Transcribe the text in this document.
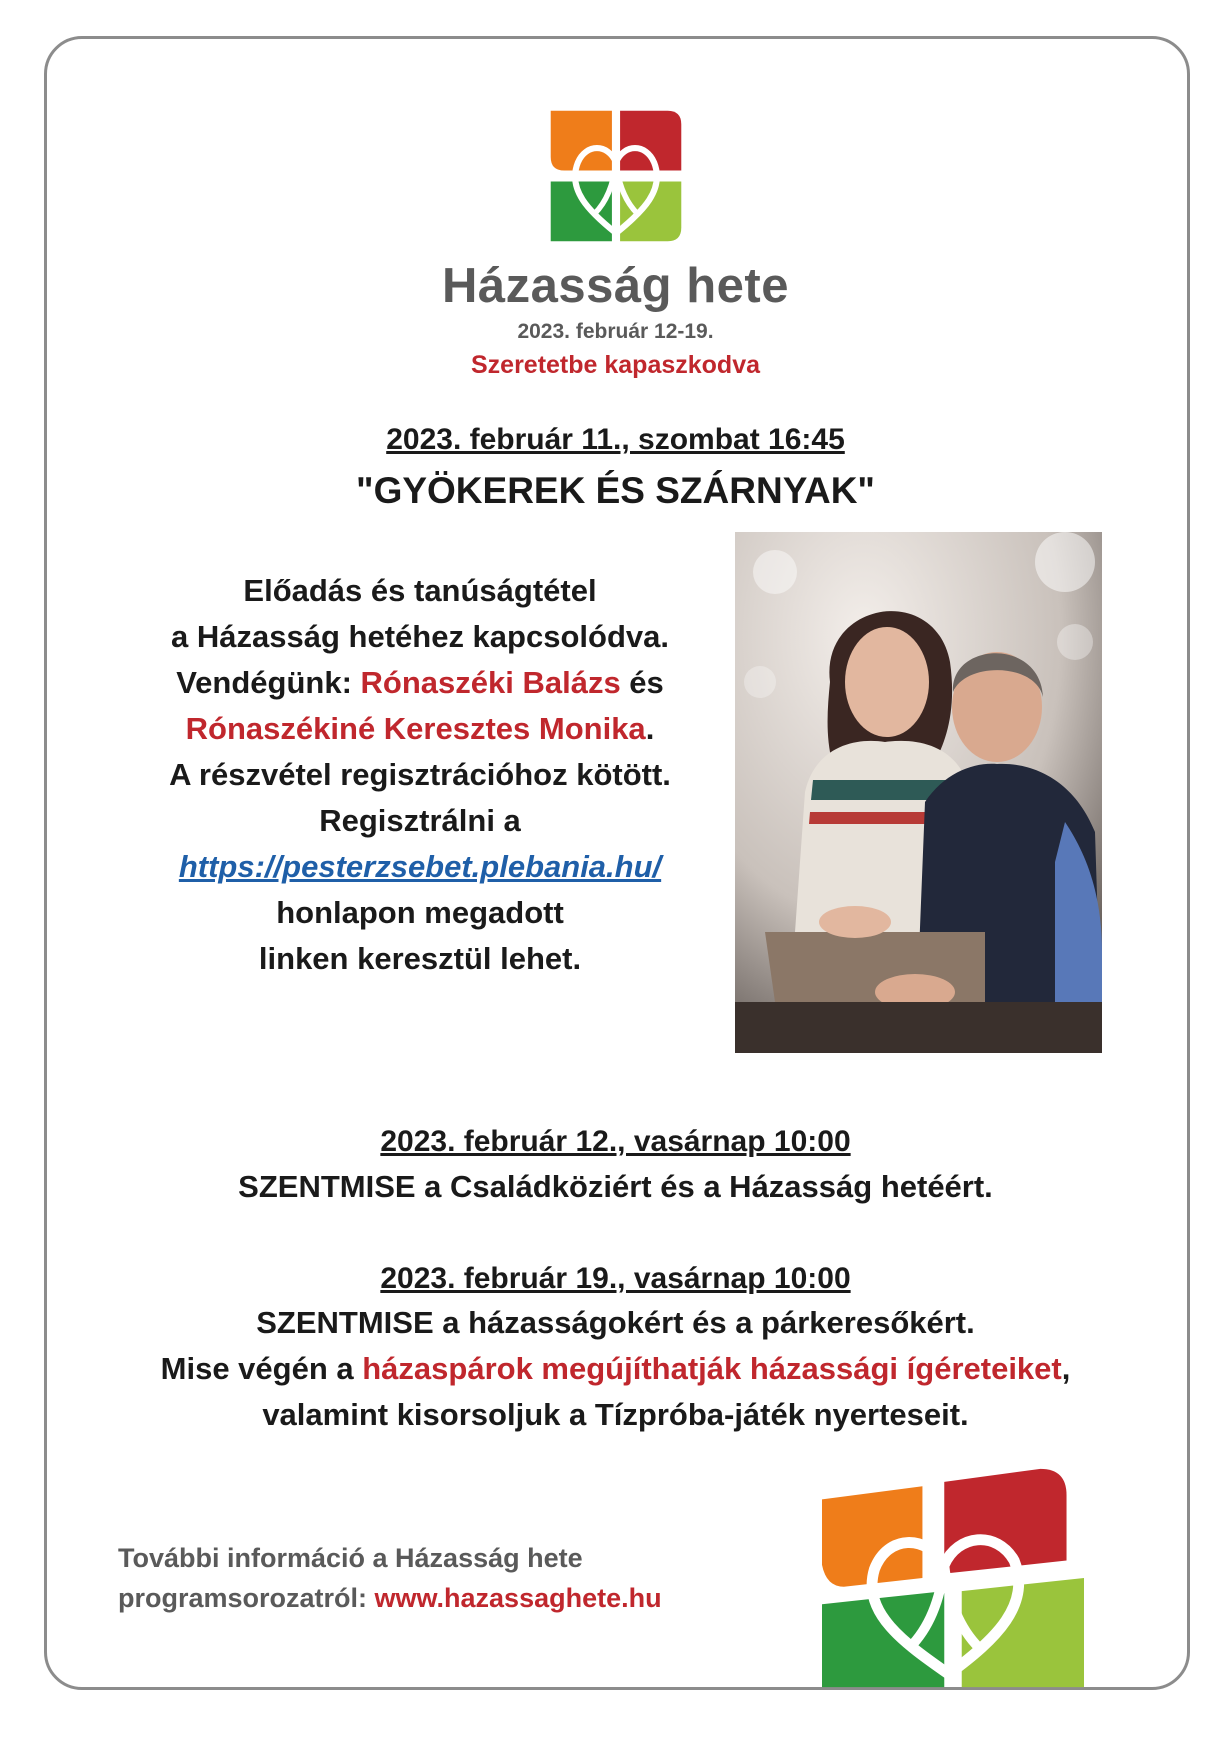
Házasság hete
2023. február 12-19.
Szeretetbe kapaszkodva
2023. február 11., szombat 16:45
"GYÖKEREK ÉS SZÁRNYAK"
Előadás és tanúságtétel
a Házasság hetéhez kapcsolódva.
Vendégünk: Rónaszéki Balázs és
Rónaszékiné Keresztes Monika.
A részvétel regisztrációhoz kötött.
Regisztrálni a
https://pesterzsebet.plebania.hu/
honlapon megadott
linken keresztül lehet.
2023. február 12., vasárnap 10:00
SZENTMISE a Családköziért és a Házasság hetéért.
2023. február 19., vasárnap 10:00
SZENTMISE a házasságokért és a párkeresőkért.
Mise végén a házaspárok megújíthatják házassági ígéreteiket,
valamint kisorsoljuk a Tízpróba-játék nyerteseit.
További információ a Házasság hete
programsorozatról: www.hazassaghete.hu
